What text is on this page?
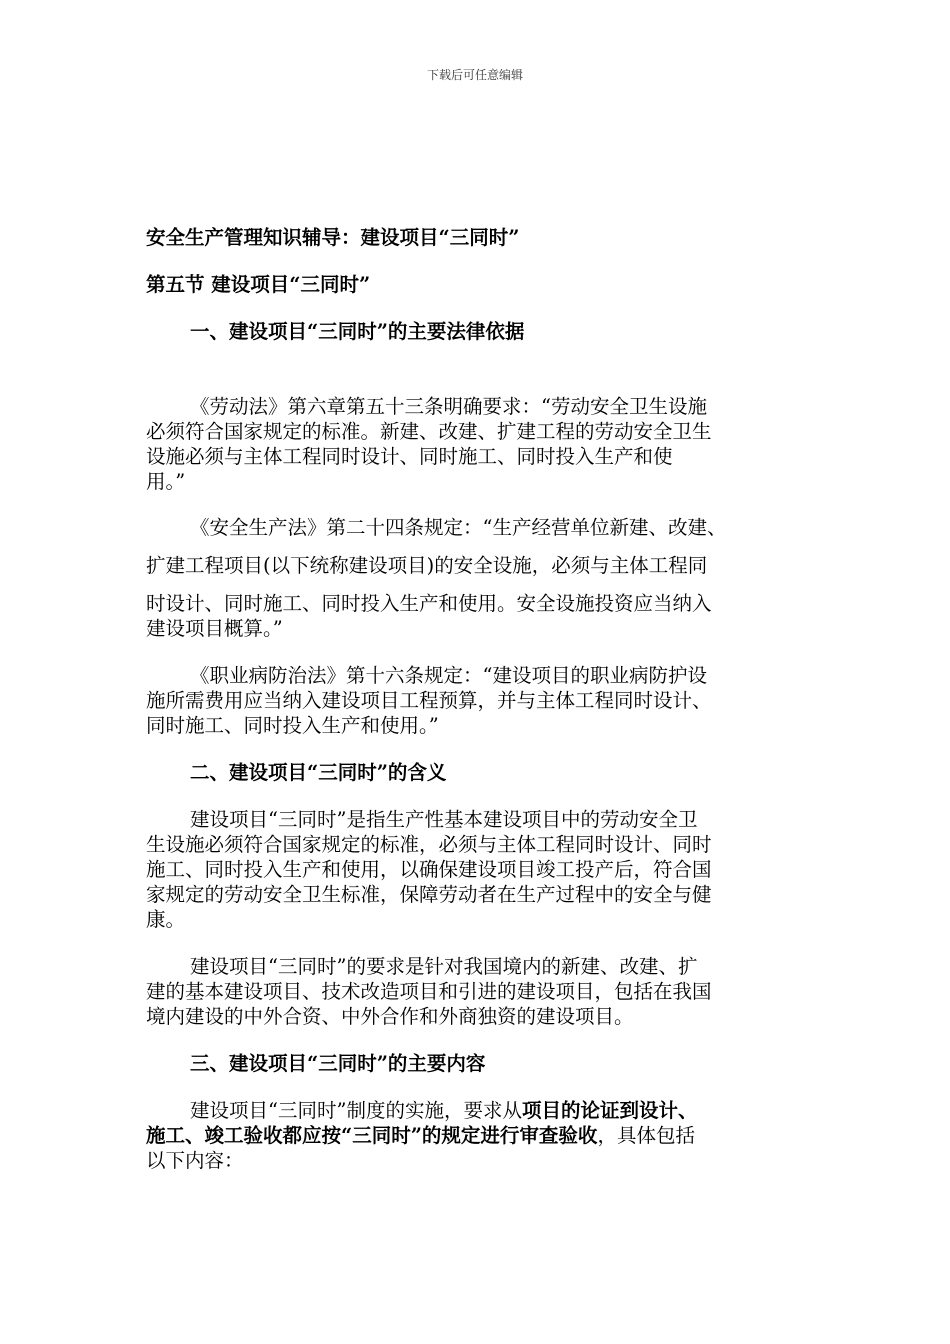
下载后可任意编辑
安全生产管理知识辅导：建设项目“三同时”
第五节 建设项目“三同时”
一、建设项目“三同时”的主要法律依据
《劳动法》第六章第五十三条明确要求：“劳动安全卫生设施
必须符合国家规定的标准。新建、改建、扩建工程的劳动安全卫生
设施必须与主体工程同时设计、同时施工、同时投入生产和使
用。”
《安全生产法》第二十四条规定：“生产经营单位新建、改建、
扩建工程项目(以下统称建设项目)的安全设施，必须与主体工程同
时设计、同时施工、同时投入生产和使用。安全设施投资应当纳入
建设项目概算。”
《职业病防治法》第十六条规定：“建设项目的职业病防护设
施所需费用应当纳入建设项目工程预算，并与主体工程同时设计、
同时施工、同时投入生产和使用。”
二、建设项目“三同时”的含义
建设项目“三同时”是指生产性基本建设项目中的劳动安全卫
生设施必须符合国家规定的标准，必须与主体工程同时设计、同时
施工、同时投入生产和使用，以确保建设项目竣工投产后，符合国
家规定的劳动安全卫生标准，保障劳动者在生产过程中的安全与健
康。
建设项目“三同时”的要求是针对我国境内的新建、改建、扩
建的基本建设项目、技术改造项目和引进的建设项目，包括在我国
境内建设的中外合资、中外合作和外商独资的建设项目。
三、建设项目“三同时”的主要内容
建设项目“三同时”制度的实施，要求从项目的论证到设计、
施工、竣工验收都应按“三同时”的规定进行审查验收，具体包括
以下内容：
